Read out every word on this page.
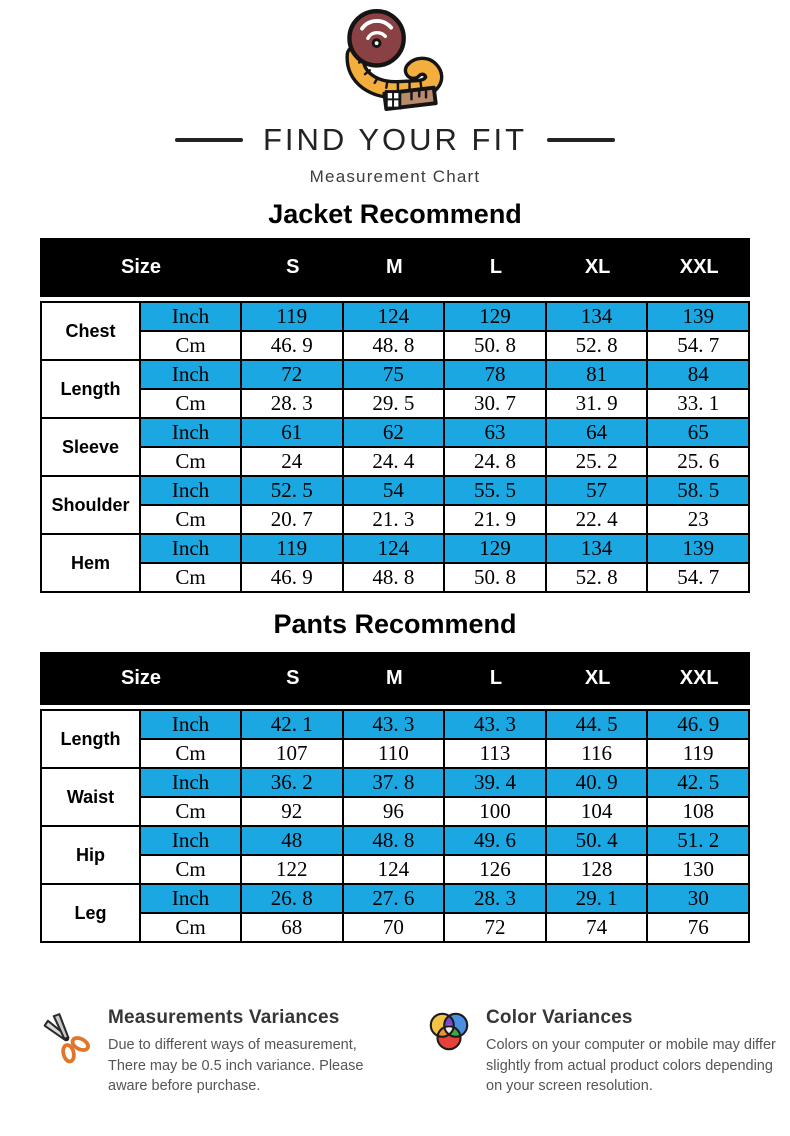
FIND YOUR FIT
Measurement Chart
Jacket Recommend
Size	S	M	L	XL	XXL
Chest
Inch	119	124	129	134	139
Cm	46. 9	48. 8	50. 8	52. 8	54. 7
Length
Inch	72	75	78	81	84
Cm	28. 3	29. 5	30. 7	31. 9	33. 1
Sleeve
Inch	61	62	63	64	65
Cm	24	24. 4	24. 8	25. 2	25. 6
Shoulder
Inch	52. 5	54	55. 5	57	58. 5
Cm	20. 7	21. 3	21. 9	22. 4	23
Hem
Inch	119	124	129	134	139
Cm	46. 9	48. 8	50. 8	52. 8	54. 7
Pants Recommend
Size	S	M	L	XL	XXL
Length
Inch	42. 1	43. 3	43. 3	44. 5	46. 9
Cm	107	110	113	116	119
Waist
Inch	36. 2	37. 8	39. 4	40. 9	42. 5
Cm	92	96	100	104	108
Hip
Inch	48	48. 8	49. 6	50. 4	51. 2
Cm	122	124	126	128	130
Leg
Inch	26. 8	27. 6	28. 3	29. 1	30
Cm	68	70	72	74	76
Measurements Variances
Due to different ways of measurement, There may be 0.5 inch variance. Please aware before purchase.
Color Variances
Colors on your computer or mobile may differ slightly from actual product colors depending on your screen resolution.
